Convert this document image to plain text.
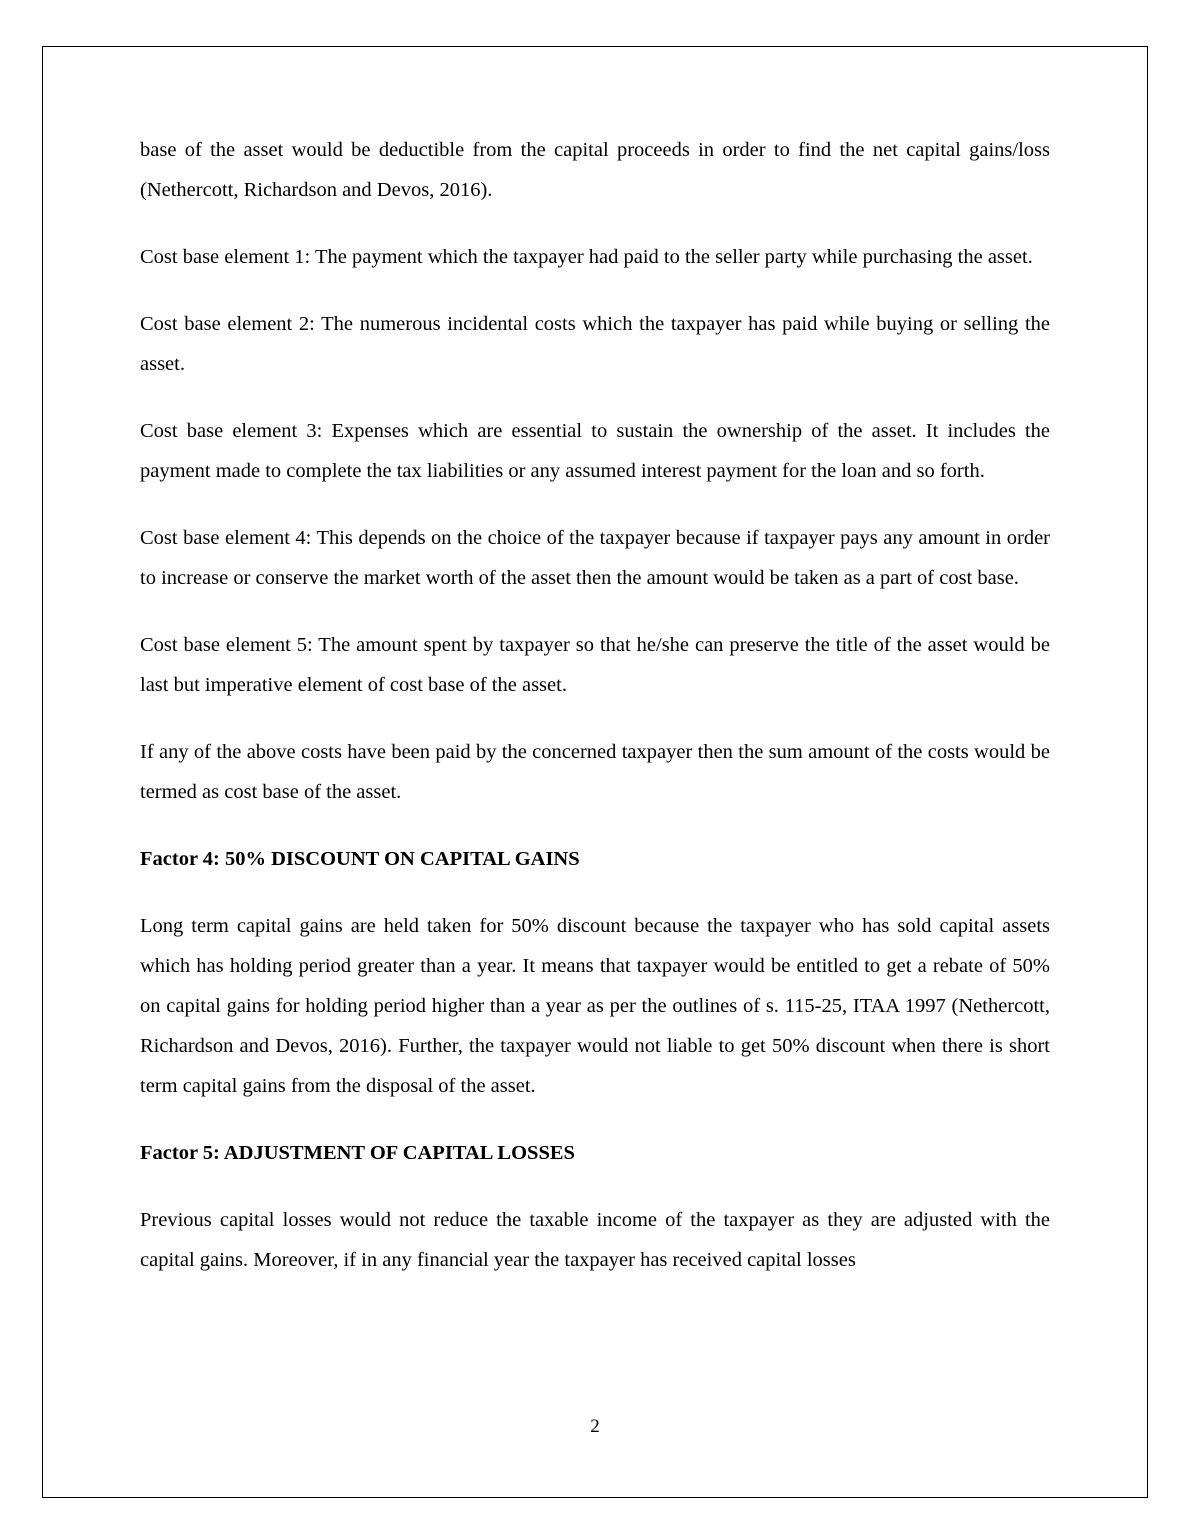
base of the asset would be deductible from the capital proceeds in order to find the net capital gains/loss (Nethercott, Richardson and Devos, 2016).

Cost base element 1: The payment which the taxpayer had paid to the seller party while purchasing the asset.

Cost base element 2: The numerous incidental costs which the taxpayer has paid while buying or selling the asset.

Cost base element 3: Expenses which are essential to sustain the ownership of the asset. It includes the payment made to complete the tax liabilities or any assumed interest payment for the loan and so forth.

Cost base element 4: This depends on the choice of the taxpayer because if taxpayer pays any amount in order to increase or conserve the market worth of the asset then the amount would be taken as a part of cost base.

Cost base element 5: The amount spent by taxpayer so that he/she can preserve the title of the asset would be last but imperative element of cost base of the asset.

If any of the above costs have been paid by the concerned taxpayer then the sum amount of the costs would be termed as cost base of the asset.

Factor 4: 50% DISCOUNT ON CAPITAL GAINS

Long term capital gains are held taken for 50% discount because the taxpayer who has sold capital assets which has holding period greater than a year. It means that taxpayer would be entitled to get a rebate of 50% on capital gains for holding period higher than a year as per the outlines of s. 115-25, ITAA 1997 (Nethercott, Richardson and Devos, 2016). Further, the taxpayer would not liable to get 50% discount when there is short term capital gains from the disposal of the asset.

Factor 5: ADJUSTMENT OF CAPITAL LOSSES

Previous capital losses would not reduce the taxable income of the taxpayer as they are adjusted with the capital gains. Moreover, if in any financial year the taxpayer has received capital losses

2
